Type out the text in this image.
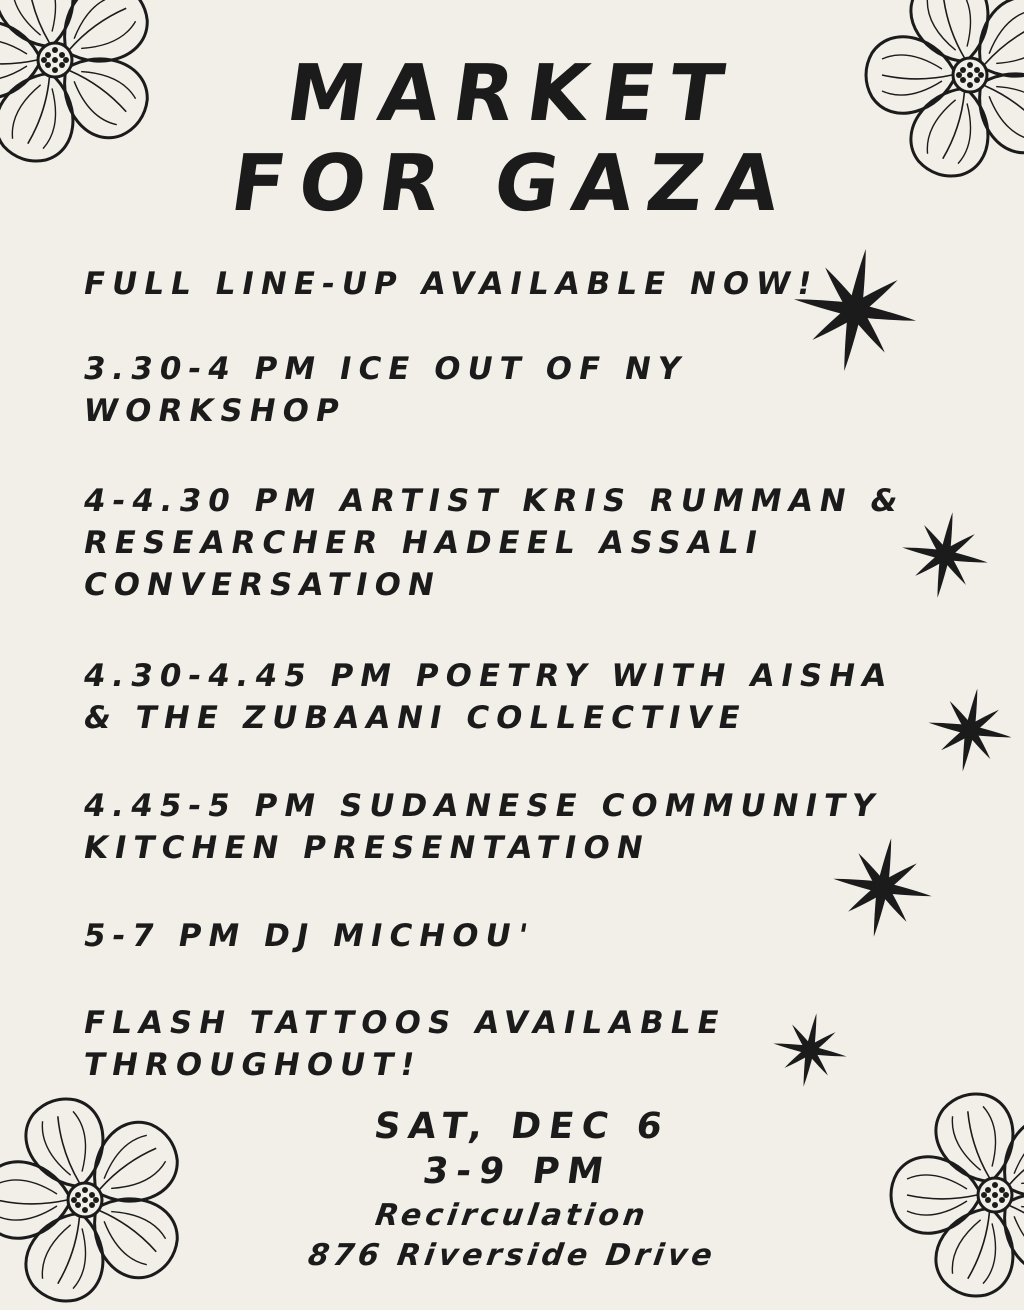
MARKET
FOR GAZA

FULL LINE-UP AVAILABLE NOW!

3.30-4 PM ICE OUT OF NY

WORKSHOP

4-4.30 PM ARTIST KRIS RUMMAN &

RESEARCHER HADEEL ASSALI

CONVERSATION

4.30-4.45 PM POETRY WITH AISHA

& THE ZUBAANI COLLECTIVE

4.45-5 PM SUDANESE COMMUNITY

KITCHEN PRESENTATION

5-7 PM DJ MICHOU'

FLASH TATTOOS AVAILABLE

THROUGHOUT!

SAT, DEC 6

3-9 PM

Recirculation

876 Riverside Drive
